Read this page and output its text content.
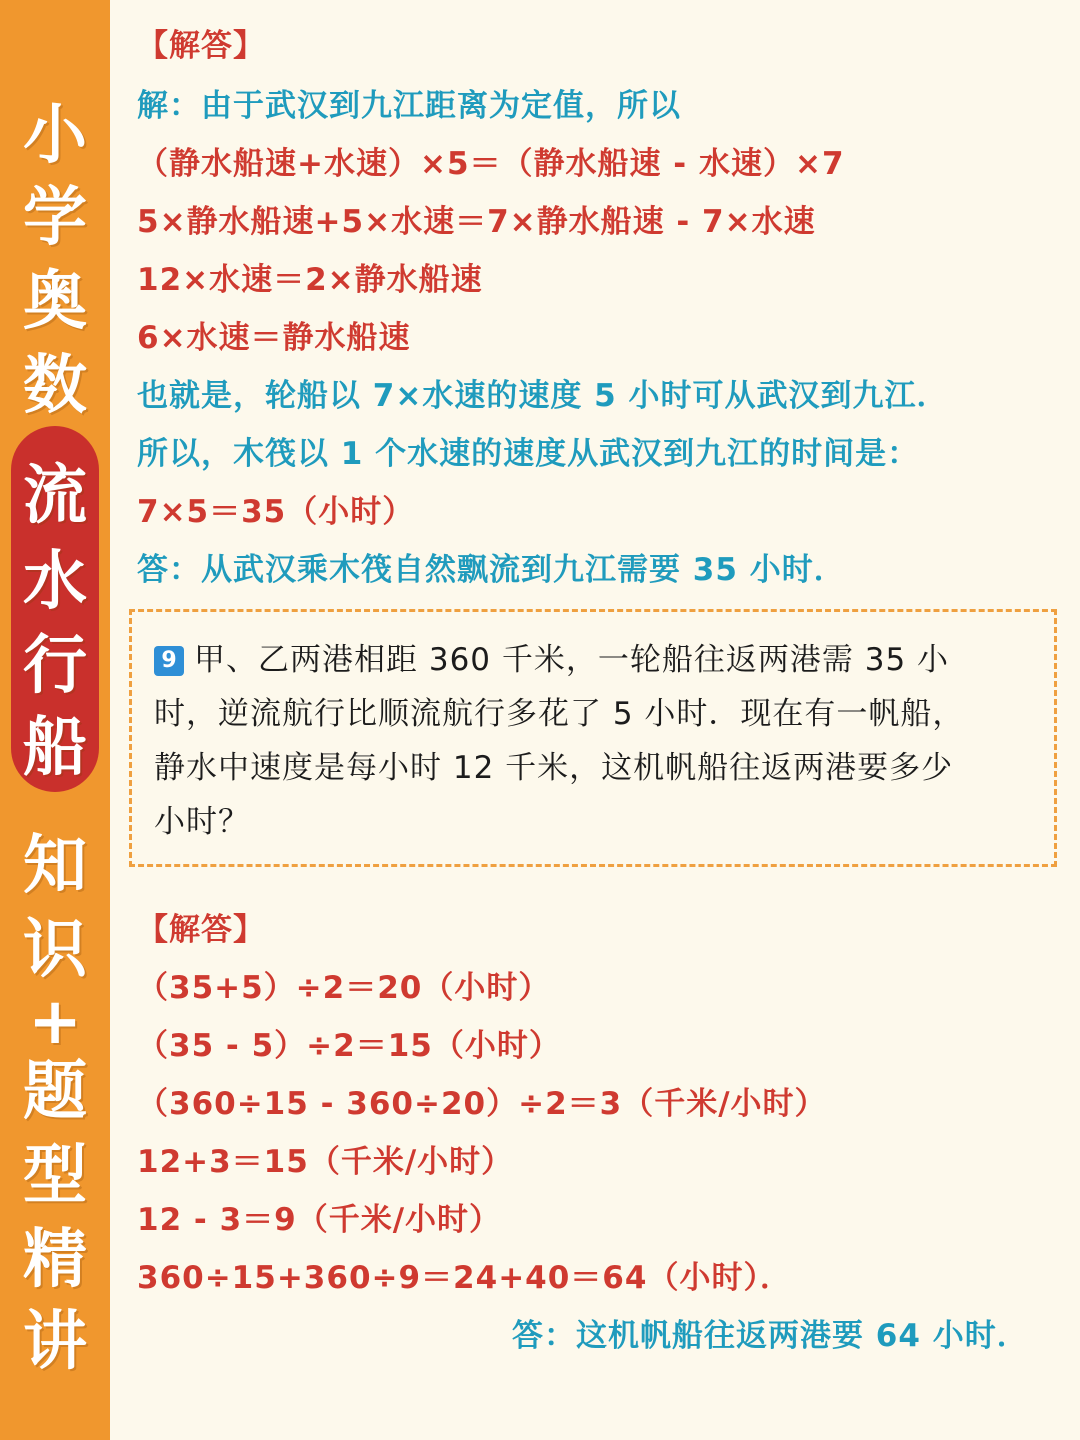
小
学
奥
数
流
水
行
船
知
识
+
题
型
精
讲
【解答】
解：由于武汉到九江距离为定值，所以
（静水船速+水速）×5＝（静水船速 - 水速）×7
5×静水船速+5×水速＝7×静水船速 - 7×水速
12×水速＝2×静水船速
6×水速＝静水船速
也就是，轮船以 7×水速的速度 5 小时可从武汉到九江．
所以，木筏以 1 个水速的速度从武汉到九江的时间是：
7×5＝35（小时）
答：从武汉乘木筏自然飘流到九江需要 35 小时．
9 甲、乙两港相距 360 千米，一轮船往返两港需 35 小
时，逆流航行比顺流航行多花了 5 小时．现在有一帆船，
静水中速度是每小时 12 千米，这机帆船往返两港要多少
小时？
【解答】
（35+5）÷2＝20（小时）
（35 - 5）÷2＝15（小时）
（360÷15 - 360÷20）÷2＝3（千米/小时）
12+3＝15（千米/小时）
12 - 3＝9（千米/小时）
360÷15+360÷9＝24+40＝64（小时）．
答：这机帆船往返两港要 64 小时．
